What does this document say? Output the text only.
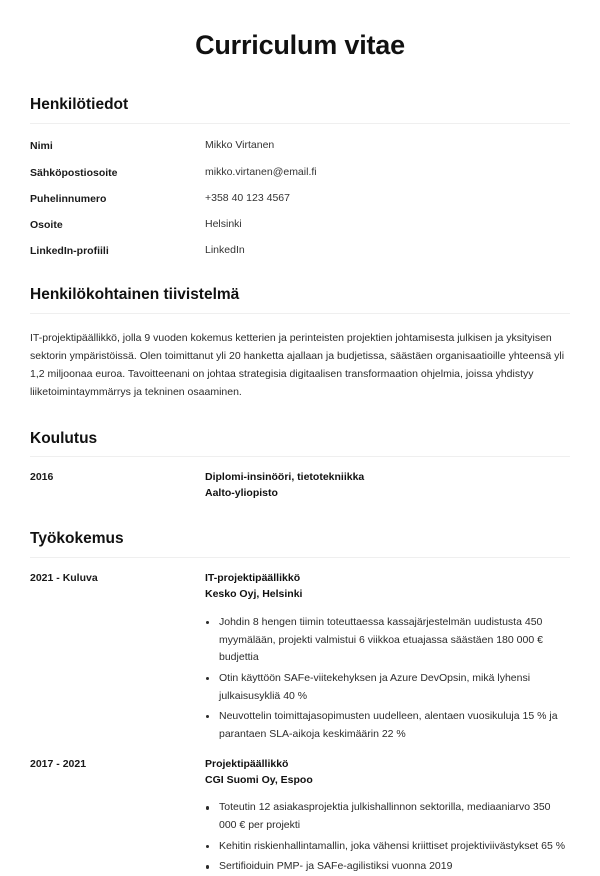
Curriculum vitae
Henkilötiedot
Nimi	Mikko Virtanen
Sähköpostiosoite	mikko.virtanen@email.fi
Puhelinnumero	+358 40 123 4567
Osoite	Helsinki
LinkedIn-profiili	LinkedIn
Henkilökohtainen tiivistelmä

IT-projektipäällikkö, jolla 9 vuoden kokemus ketterien ja perinteisten projektien johtamisesta julkisen ja yksityisen sektorin ympäristöissä. Olen toimittanut yli 20 hanketta ajallaan ja budjetissa, säästäen organisaatioille yhteensä yli 1,2 miljoonaa euroa. Tavoitteenani on johtaa strategisia digitaalisen transformaation ohjelmia, joissa yhdistyy liiketoimintaymmärrys ja tekninen osaaminen.

Koulutus
2016	Diplomi-insinööri, tietotekniikka
Aalto-yliopisto
Työkokemus
2021 - Kuluva	IT-projektipäällikkö
Kesko Oyj, Helsinki
Johdin 8 hengen tiimin toteuttaessa kassajärjestelmän uudistusta 450 myymälään, projekti valmistui 6 viikkoa etuajassa säästäen 180 000 € budjettia
Otin käyttöön SAFe-viitekehyksen ja Azure DevOpsin, mikä lyhensi julkaisusykliä 40 %
Neuvottelin toimittajasopimusten uudelleen, alentaen vuosikuluja 15 % ja parantaen SLA-aikoja keskimäärin 22 %
2017 - 2021	Projektipäällikkö
CGI Suomi Oy, Espoo
Toteutin 12 asiakasprojektia julkishallinnon sektorilla, mediaaniarvo 350 000 € per projekti
Kehitin riskienhallintamallin, joka vähensi kriittiset projektiviivästykset 65 %
Sertifioiduin PMP- ja SAFe-agilistiksi vuonna 2019
